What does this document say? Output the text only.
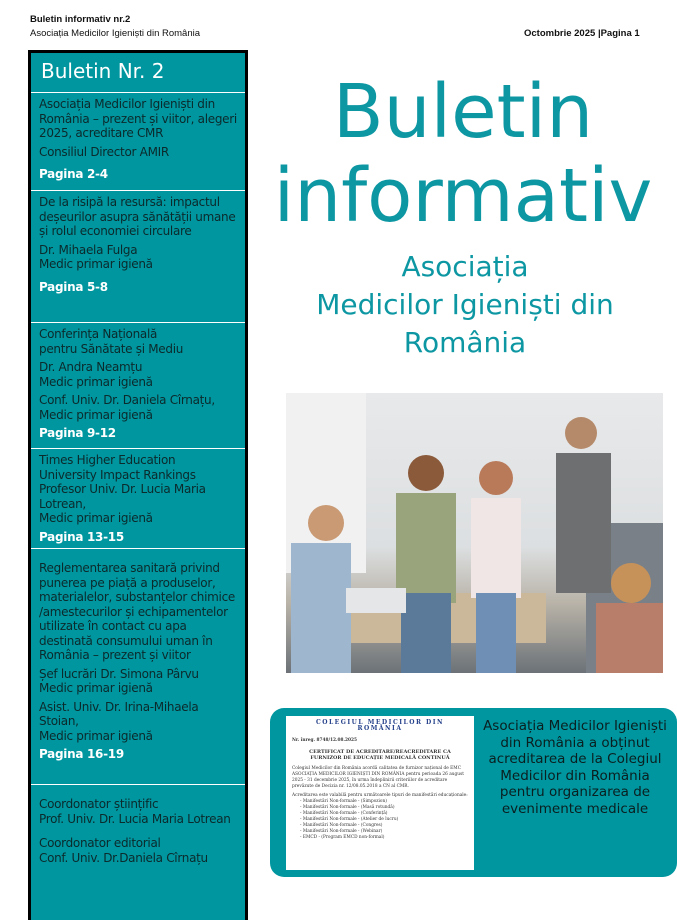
Buletin informativ nr.2
Asociația Medicilor Igieniști din România	Octombrie 2025 |Pagina 1
Buletin Nr. 2

Asociația Medicilor Igieniști din România – prezent și viitor, alegeri 2025, acreditare CMR

Consiliul Director AMIR

Pagina 2-4

De la risipă la resursă: impactul deșeurilor asupra sănătății umane și rolul economiei circulare

Dr. Mihaela Fulga
Medic primar igienă

Pagina 5-8

Conferința Națională
pentru Sănătate și Mediu

Dr. Andra Neamțu
Medic primar igienă

Conf. Univ. Dr. Daniela Cîrnațu,
Medic primar igienă

Pagina 9-12

Times Higher Education
University Impact Rankings
Profesor Univ. Dr. Lucia Maria Lotrean,
Medic primar igienă

Pagina 13-15

Reglementarea sanitară privind punerea pe piață a produselor, materialelor, substanțelor chimice /amestecurilor și echipamentelor utilizate în contact cu apa destinată consumului uman în România – prezent și viitor

Șef lucrări Dr. Simona Pârvu
Medic primar igienă

Asist. Univ. Dr. Irina-Mihaela Stoian,
Medic primar igienă

Pagina 16-19

Coordonator științific
Prof. Univ. Dr. Lucia Maria Lotrean

Coordonator editorial
Conf. Univ. Dr.Daniela Cîrnațu

Buletin
informativ
Asociația
Medicilor Igieniști din
România
COLEGIUL MEDICILOR DIN ROMÂNIA
Nr. înreg. 8748/12.08.2025
CERTIFICAT DE ACREDITARE/REACREDITARE CA FURNIZOR DE EDUCAȚIE MEDICALĂ CONTINUĂ
Colegiul Medicilor din România acordă calitatea de furnizor național de EMC ASOCIAȚIA MEDICILOR IGIENIȘTI DIN ROMÂNIA pentru perioada 26 august 2025 - 31 decembrie 2025, în urma îndeplinirii criteriilor de acreditare prevăzute de Decizia nr. 12/08.05.2018 a CN al CMR.
Acreditarea este valabilă pentru următoarele tipuri de manifestări educaționale:
- Manifestări Non-formale - (Simpozion)
- Manifestări Non-formale - (Masă rotundă)
- Manifestări Non-formale - (Conferință)
- Manifestări Non-formale - (Atelier de lucru)
- Manifestări Non-formale - (Congres)
- Manifestări Non-formale - (Webinar)
- EMCD - (Program EMCD non-formal)
Asociația Medicilor Igieniști din România a obținut acreditarea de la Colegiul Medicilor din România pentru organizarea de evenimente medicale
